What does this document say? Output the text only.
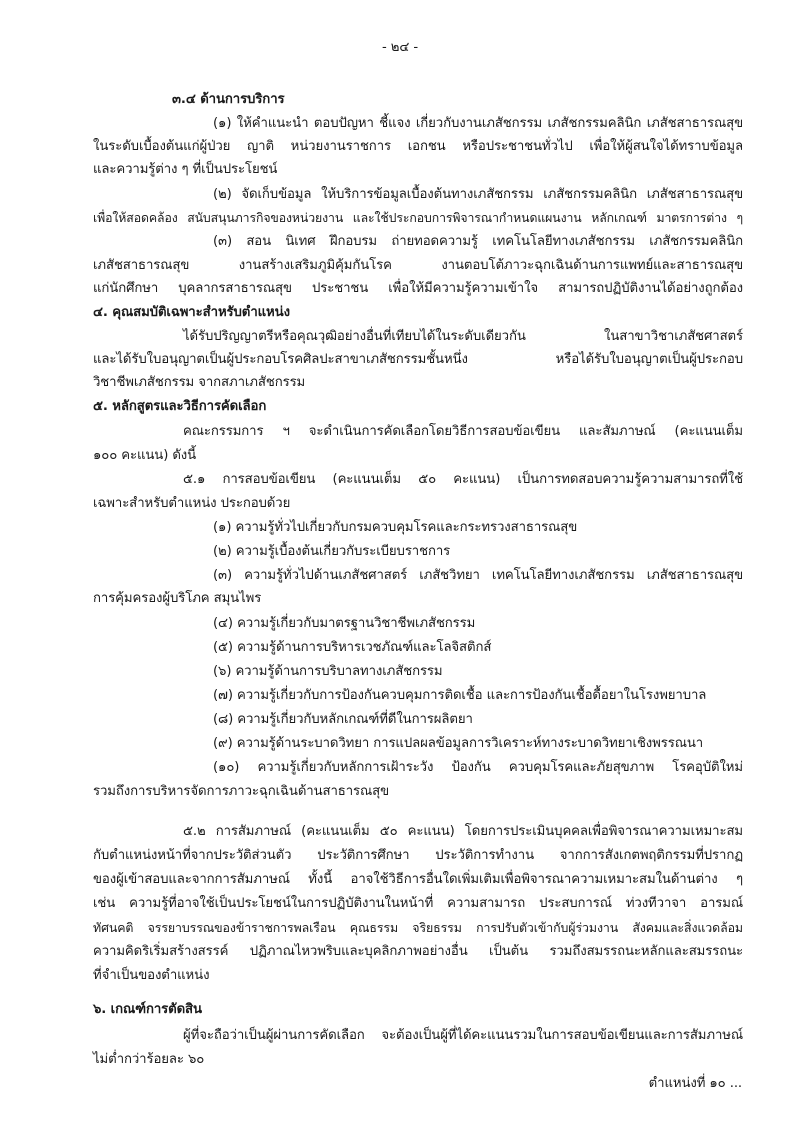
- ๒๔ -
๓.๔ ด้านการบริการ
(๑) ให้คำแนะนำ ตอบปัญหา ชี้แจง เกี่ยวกับงานเภสัชกรรม เภสัชกรรมคลินิก เภสัชสาธารณสุข
ในระดับเบื้องต้นแก่ผู้ป่วย ญาติ หน่วยงานราชการ เอกชน หรือประชาชนทั่วไป เพื่อให้ผู้สนใจได้ทราบข้อมูล
และความรู้ต่าง ๆ ที่เป็นประโยชน์
(๒) จัดเก็บข้อมูล ให้บริการข้อมูลเบื้องต้นทางเภสัชกรรม เภสัชกรรมคลินิก เภสัชสาธารณสุข
เพื่อให้สอดคล้อง สนับสนุนภารกิจของหน่วยงาน และใช้ประกอบการพิจารณากำหนดแผนงาน หลักเกณฑ์ มาตรการต่าง ๆ
(๓) สอน นิเทศ ฝึกอบรม ถ่ายทอดความรู้ เทคโนโลยีทางเภสัชกรรม เภสัชกรรมคลินิก
เภสัชสาธารณสุข งานสร้างเสริมภูมิคุ้มกันโรค งานตอบโต้ภาวะฉุกเฉินด้านการแพทย์และสาธารณสุข
แก่นักศึกษา บุคลากรสาธารณสุข ประชาชน เพื่อให้มีความรู้ความเข้าใจ สามารถปฏิบัติงานได้อย่างถูกต้อง
๔. คุณสมบัติเฉพาะสำหรับตำแหน่ง
ได้รับปริญญาตรีหรือคุณวุฒิอย่างอื่นที่เทียบได้ในระดับเดียวกัน ในสาขาวิชาเภสัชศาสตร์
และได้รับใบอนุญาตเป็นผู้ประกอบโรคศิลปะสาขาเภสัชกรรมชั้นหนึ่ง หรือได้รับใบอนุญาตเป็นผู้ประกอบ
วิชาชีพเภสัชกรรม จากสภาเภสัชกรรม
๕. หลักสูตรและวิธีการคัดเลือก
คณะกรรมการ ฯ จะดำเนินการคัดเลือกโดยวิธีการสอบข้อเขียน และสัมภาษณ์ (คะแนนเต็ม
๑๐๐ คะแนน) ดังนี้
๕.๑ การสอบข้อเขียน (คะแนนเต็ม ๕๐ คะแนน) เป็นการทดสอบความรู้ความสามารถที่ใช้
เฉพาะสำหรับตำแหน่ง ประกอบด้วย
(๑) ความรู้ทั่วไปเกี่ยวกับกรมควบคุมโรคและกระทรวงสาธารณสุข
(๒) ความรู้เบื้องต้นเกี่ยวกับระเบียบราชการ
(๓) ความรู้ทั่วไปด้านเภสัชศาสตร์ เภสัชวิทยา เทคโนโลยีทางเภสัชกรรม เภสัชสาธารณสุข
การคุ้มครองผู้บริโภค สมุนไพร
(๔) ความรู้เกี่ยวกับมาตรฐานวิชาชีพเภสัชกรรม
(๕) ความรู้ด้านการบริหารเวชภัณฑ์และโลจิสติกส์
(๖) ความรู้ด้านการบริบาลทางเภสัชกรรม
(๗) ความรู้เกี่ยวกับการป้องกันควบคุมการติดเชื้อ และการป้องกันเชื้อดื้อยาในโรงพยาบาล
(๘) ความรู้เกี่ยวกับหลักเกณฑ์ที่ดีในการผลิตยา
(๙) ความรู้ด้านระบาดวิทยา การแปลผลข้อมูลการวิเคราะห์ทางระบาดวิทยาเชิงพรรณนา
(๑๐) ความรู้เกี่ยวกับหลักการเฝ้าระวัง ป้องกัน ควบคุมโรคและภัยสุขภาพ โรคอุบัติใหม่
รวมถึงการบริหารจัดการภาวะฉุกเฉินด้านสาธารณสุข
๕.๒ การสัมภาษณ์ (คะแนนเต็ม ๕๐ คะแนน) โดยการประเมินบุคคลเพื่อพิจารณาความเหมาะสม
กับตำแหน่งหน้าที่จากประวัติส่วนตัว ประวัติการศึกษา ประวัติการทำงาน จากการสังเกตพฤติกรรมที่ปรากฏ
ของผู้เข้าสอบและจากการสัมภาษณ์ ทั้งนี้ อาจใช้วิธีการอื่นใดเพิ่มเติมเพื่อพิจารณาความเหมาะสมในด้านต่าง ๆ
เช่น ความรู้ที่อาจใช้เป็นประโยชน์ในการปฏิบัติงานในหน้าที่ ความสามารถ ประสบการณ์ ท่วงทีวาจา อารมณ์
ทัศนคติ จรรยาบรรณของข้าราชการพลเรือน คุณธรรม จริยธรรม การปรับตัวเข้ากับผู้ร่วมงาน สังคมและสิ่งแวดล้อม
ความคิดริเริ่มสร้างสรรค์ ปฏิภาณไหวพริบและบุคลิกภาพอย่างอื่น เป็นต้น รวมถึงสมรรถนะหลักและสมรรถนะ
ที่จำเป็นของตำแหน่ง
๖. เกณฑ์การตัดสิน
ผู้ที่จะถือว่าเป็นผู้ผ่านการคัดเลือก จะต้องเป็นผู้ที่ได้คะแนนรวมในการสอบข้อเขียนและการสัมภาษณ์
ไม่ต่ำกว่าร้อยละ ๖๐
ตำแหน่งที่ ๑๐ ...
